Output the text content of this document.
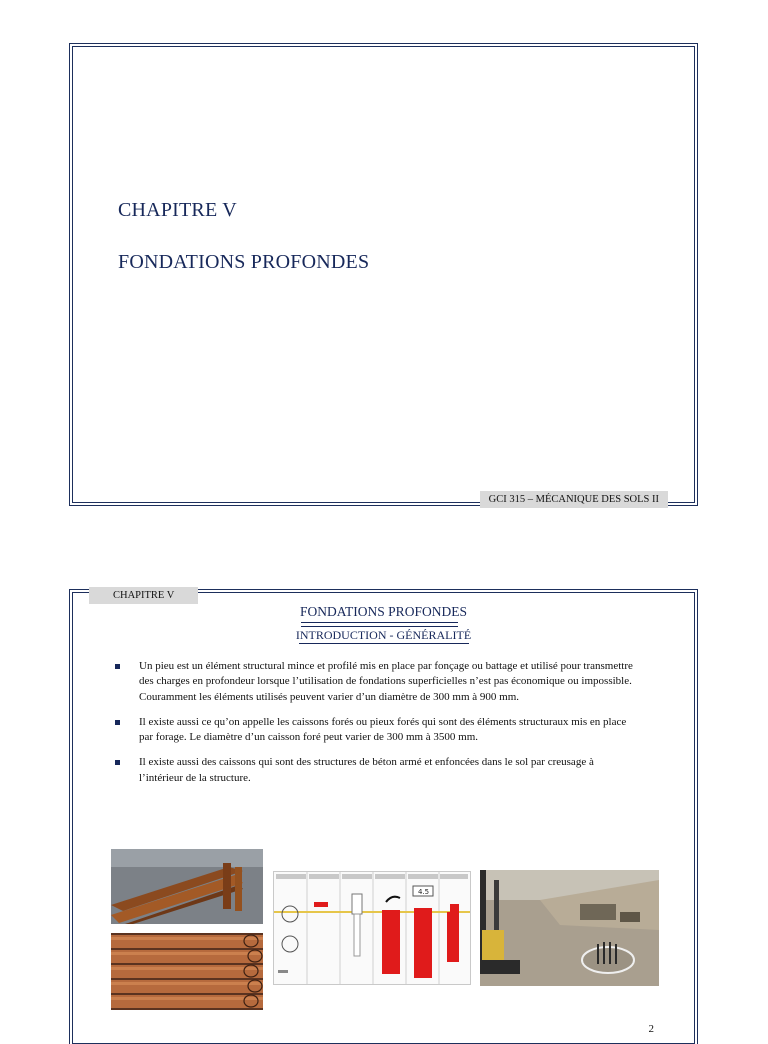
CHAPITRE V
FONDATIONS PROFONDES
GCI 315 – MÉCANIQUE DES SOLS II
CHAPITRE V
FONDATIONS PROFONDES
INTRODUCTION - GÉNÉRALITÉ
Un pieu est un élément structural mince et profilé mis en place par fonçage ou battage et utilisé pour transmettre des charges en profondeur lorsque l’utilisation de fondations superficielles n’est pas économique ou impossible. Couramment les éléments utilisés peuvent varier d’un diamètre de 300 mm à 900 mm.
Il existe aussi ce qu’on appelle les caissons forés ou pieux forés qui sont des éléments structuraux mis en place par forage. Le diamètre d’un caisson foré peut varier de 300 mm à 3500 mm.
Il existe aussi des caissons qui sont des structures de béton armé et enfoncées dans le sol par creusage à l’intérieur de la structure.
4.5
2
